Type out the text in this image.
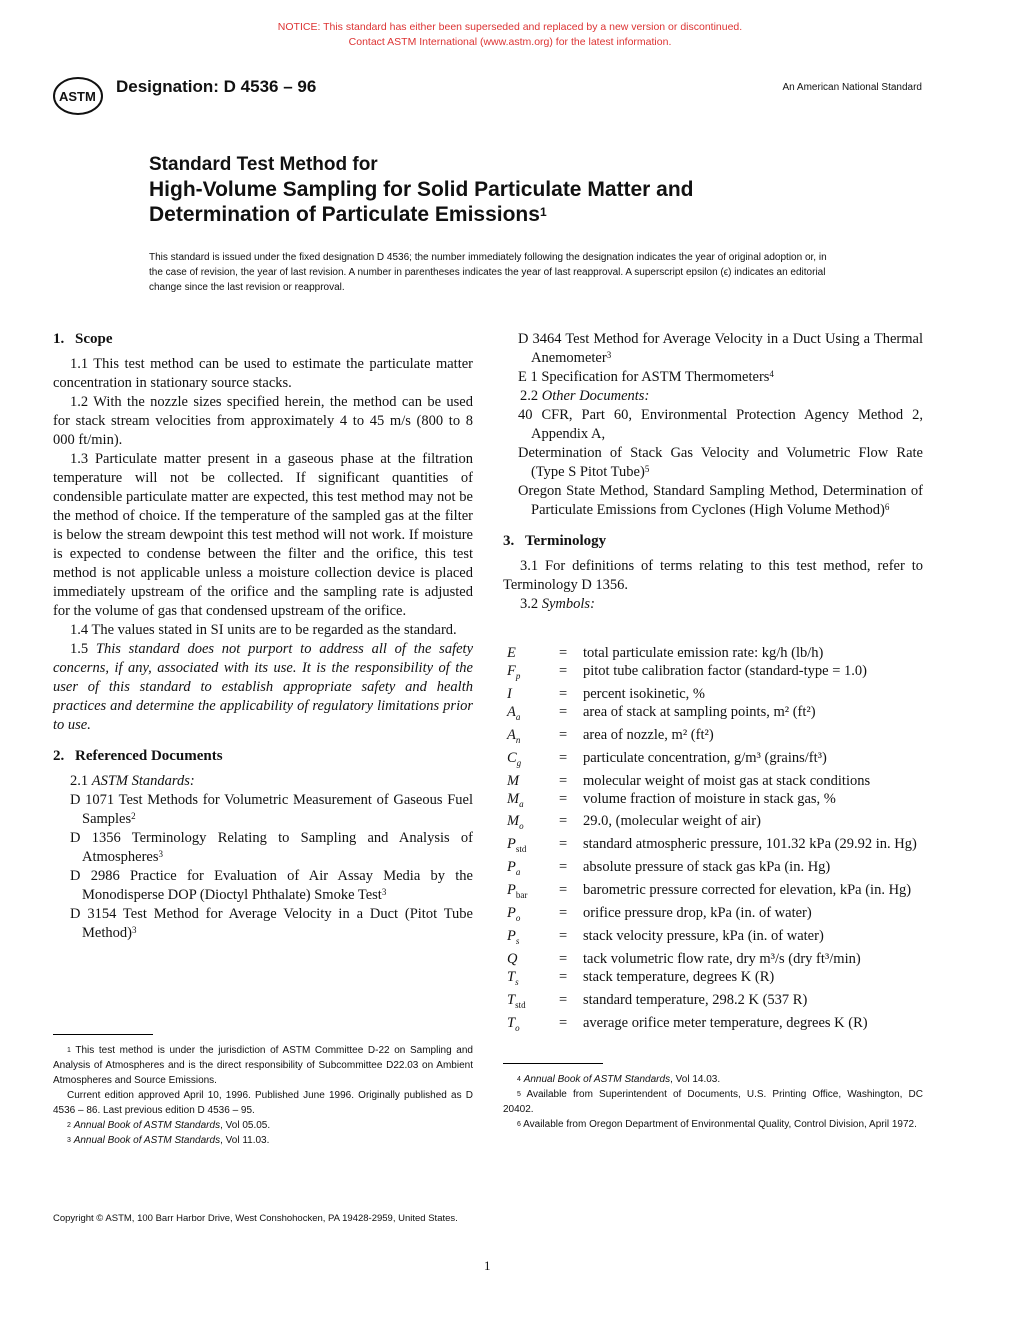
NOTICE: This standard has either been superseded and replaced by a new version or discontinued.
Contact ASTM International (www.astm.org) for the latest information.
ASTM
Designation: D 4536 – 96	An American National Standard
Standard Test Method for
High-Volume Sampling for Solid Particulate Matter and
Determination of Particulate Emissions$^1$
This standard is issued under the fixed designation D 4536; the number immediately following the designation indicates the year of original adoption or, in the case of revision, the year of last revision. A number in parentheses indicates the year of last reapproval. A superscript epsilon (ϵ) indicates an editorial change since the last revision or reapproval.
1. Scope

1.1 This test method can be used to estimate the particulate matter concentration in stationary source stacks.

1.2 With the nozzle sizes specified herein, the method can be used for stack stream velocities from approximately 4 to 45 m/s (800 to 8 000 ft/min).

1.3 Particulate matter present in a gaseous phase at the filtration temperature will not be collected. If significant quantities of condensible particulate matter are expected, this test method may not be the method of choice. If the temperature of the sampled gas at the filter is below the stream dewpoint this test method will not work. If moisture is expected to condense between the filter and the orifice, this test method is not applicable unless a moisture collection device is placed immediately upstream of the orifice and the sampling rate is adjusted for the volume of gas that condensed upstream of the orifice.

1.4 The values stated in SI units are to be regarded as the standard.

1.5 This standard does not purport to address all of the safety concerns, if any, associated with its use. It is the responsibility of the user of this standard to establish appropriate safety and health practices and determine the applicability of regulatory limitations prior to use.

2. Referenced Documents

2.1 ASTM Standards:

D 1071 Test Methods for Volumetric Measurement of Gaseous Fuel Samples$^2$

D 1356 Terminology Relating to Sampling and Analysis of Atmospheres$^3$

D 2986 Practice for Evaluation of Air Assay Media by the Monodisperse DOP (Dioctyl Phthalate) Smoke Test$^3$

D 3154 Test Method for Average Velocity in a Duct (Pitot Tube Method)$^3$

D 3464 Test Method for Average Velocity in a Duct Using a Thermal Anemometer$^3$

E 1 Specification for ASTM Thermometers$^4$

2.2 Other Documents:

40 CFR, Part 60, Environmental Protection Agency Method 2, Appendix A,

Determination of Stack Gas Velocity and Volumetric Flow Rate (Type S Pitot Tube)$^5$

Oregon State Method, Standard Sampling Method, Determination of Particulate Emissions from Cyclones (High Volume Method)$^6$

3. Terminology

3.1 For definitions of terms relating to this test method, refer to Terminology D 1356.

3.2 Symbols:

E	=	total particulate emission rate: kg/h (lb/h)
$F_p$	=	pitot tube calibration factor (standard-type = 1.0)
I	=	percent isokinetic, %
$A_a$	=	area of stack at sampling points, m² (ft²)
$A_n$	=	area of nozzle, m² (ft²)
$C_g$	=	particulate concentration, g/m³ (grains/ft³)
M	=	molecular weight of moist gas at stack conditions
$M_a$	=	volume fraction of moisture in stack gas, %
$M_o$	=	29.0, (molecular weight of air)
$P_{std}$	=	standard atmospheric pressure, 101.32 kPa (29.92 in. Hg)
$P_a$	=	absolute pressure of stack gas kPa (in. Hg)
$P_{bar}$	=	barometric pressure corrected for elevation, kPa (in. Hg)
$P_o$	=	orifice pressure drop, kPa (in. of water)
$P_s$	=	stack velocity pressure, kPa (in. of water)
Q	=	tack volumetric flow rate, dry m³/s (dry ft³/min)
$T_s$	=	stack temperature, degrees K (R)
$T_{std}$	=	standard temperature, 298.2 K (537 R)
$T_o$	=	average orifice meter temperature, degrees K (R)
$^1$ This test method is under the jurisdiction of ASTM Committee D-22 on Sampling and Analysis of Atmospheres and is the direct responsibility of Subcommittee D22.03 on Ambient Atmospheres and Source Emissions.
Current edition approved April 10, 1996. Published June 1996. Originally published as D 4536 – 86. Last previous edition D 4536 – 95.
$^2$ Annual Book of ASTM Standards, Vol 05.05.
$^3$ Annual Book of ASTM Standards, Vol 11.03.
$^4$ Annual Book of ASTM Standards, Vol 14.03.
$^5$ Available from Superintendent of Documents, U.S. Printing Office, Washington, DC 20402.
$^6$ Available from Oregon Department of Environmental Quality, Control Division, April 1972.
Copyright © ASTM, 100 Barr Harbor Drive, West Conshohocken, PA 19428-2959, United States.
1
